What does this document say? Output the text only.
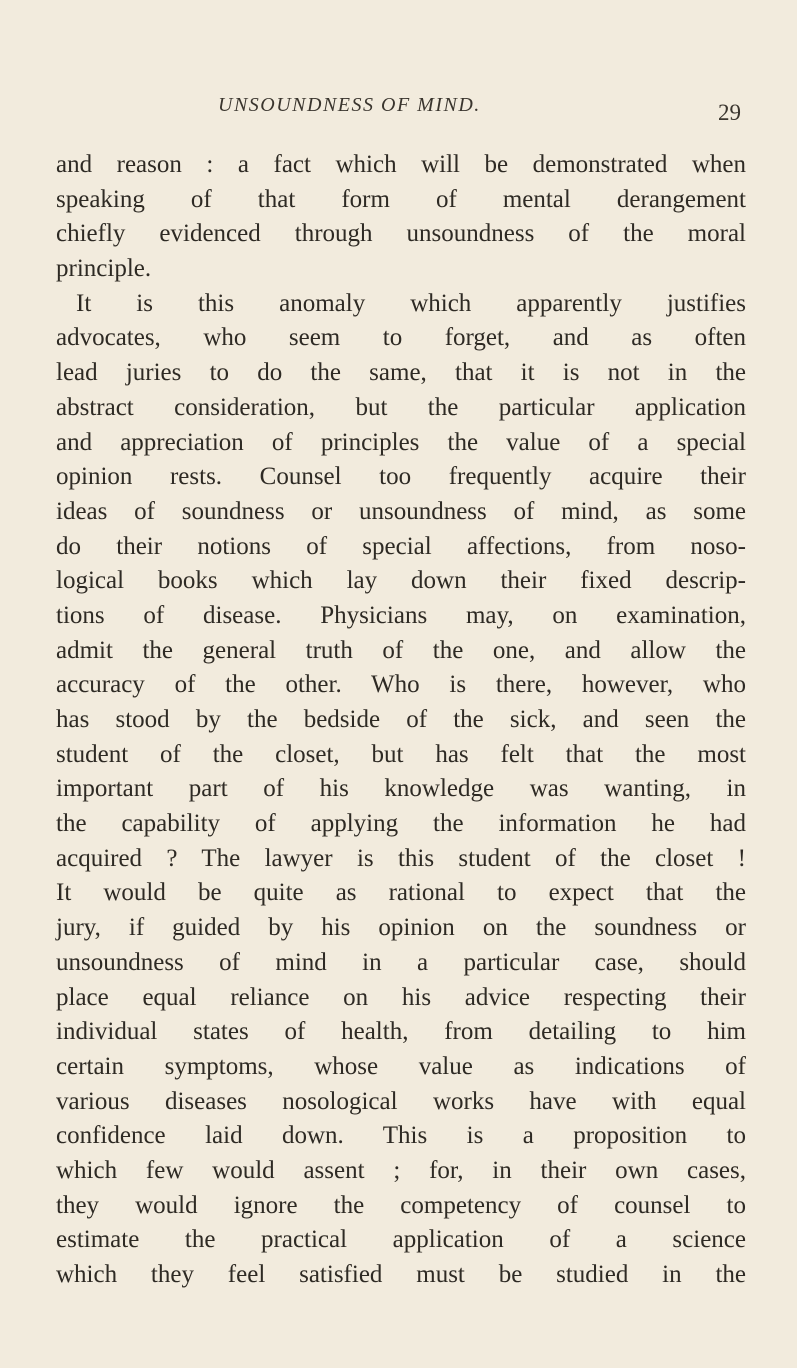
UNSOUNDNESS OF MIND.	29
and reason : a fact which will be demonstrated when
speaking of that form of mental derangement
chiefly evidenced through unsoundness of the moral
principle.
It is this anomaly which apparently justifies
advocates, who seem to forget, and as often
lead juries to do the same, that it is not in the
abstract consideration, but the particular application
and appreciation of principles the value of a special
opinion rests. Counsel too frequently acquire their
ideas of soundness or unsoundness of mind, as some
do their notions of special affections, from noso-
logical books which lay down their fixed descrip-
tions of disease. Physicians may, on examination,
admit the general truth of the one, and allow the
accuracy of the other. Who is there, however, who
has stood by the bedside of the sick, and seen the
student of the closet, but has felt that the most
important part of his knowledge was wanting, in
the capability of applying the information he had
acquired ? The lawyer is this student of the closet !
It would be quite as rational to expect that the
jury, if guided by his opinion on the soundness or
unsoundness of mind in a particular case, should
place equal reliance on his advice respecting their
individual states of health, from detailing to him
certain symptoms, whose value as indications of
various diseases nosological works have with equal
confidence laid down. This is a proposition to
which few would assent ; for, in their own cases,
they would ignore the competency of counsel to
estimate the practical application of a science
which they feel satisfied must be studied in the
